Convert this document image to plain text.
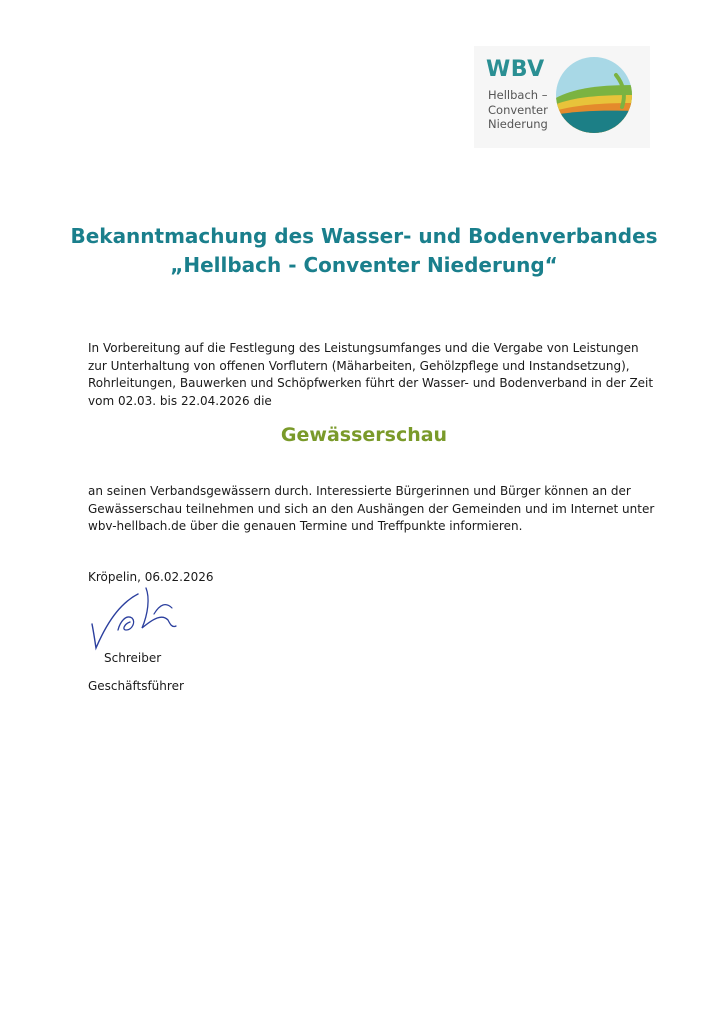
WBV
Hellbach –
Conventer
Niederung
Bekanntmachung des Wasser- und Bodenverbandes
„Hellbach - Conventer Niederung“
In Vorbereitung auf die Festlegung des Leistungsumfanges und die Vergabe von Leistungen zur Unterhaltung von offenen Vorflutern (Mäharbeiten, Gehölzpflege und Instandsetzung), Rohrleitungen, Bauwerken und Schöpfwerken führt der Wasser- und Bodenverband in der Zeit vom 02.03. bis 22.04.2026 die
Gewässerschau
an seinen Verbandsgewässern durch. Interessierte Bürgerinnen und Bürger können an der Gewässerschau teilnehmen und sich an den Aushängen der Gemeinden und im Internet unter wbv-hellbach.de über die genauen Termine und Treffpunkte informieren.
Kröpelin, 06.02.2026
Schreiber
Geschäftsführer
